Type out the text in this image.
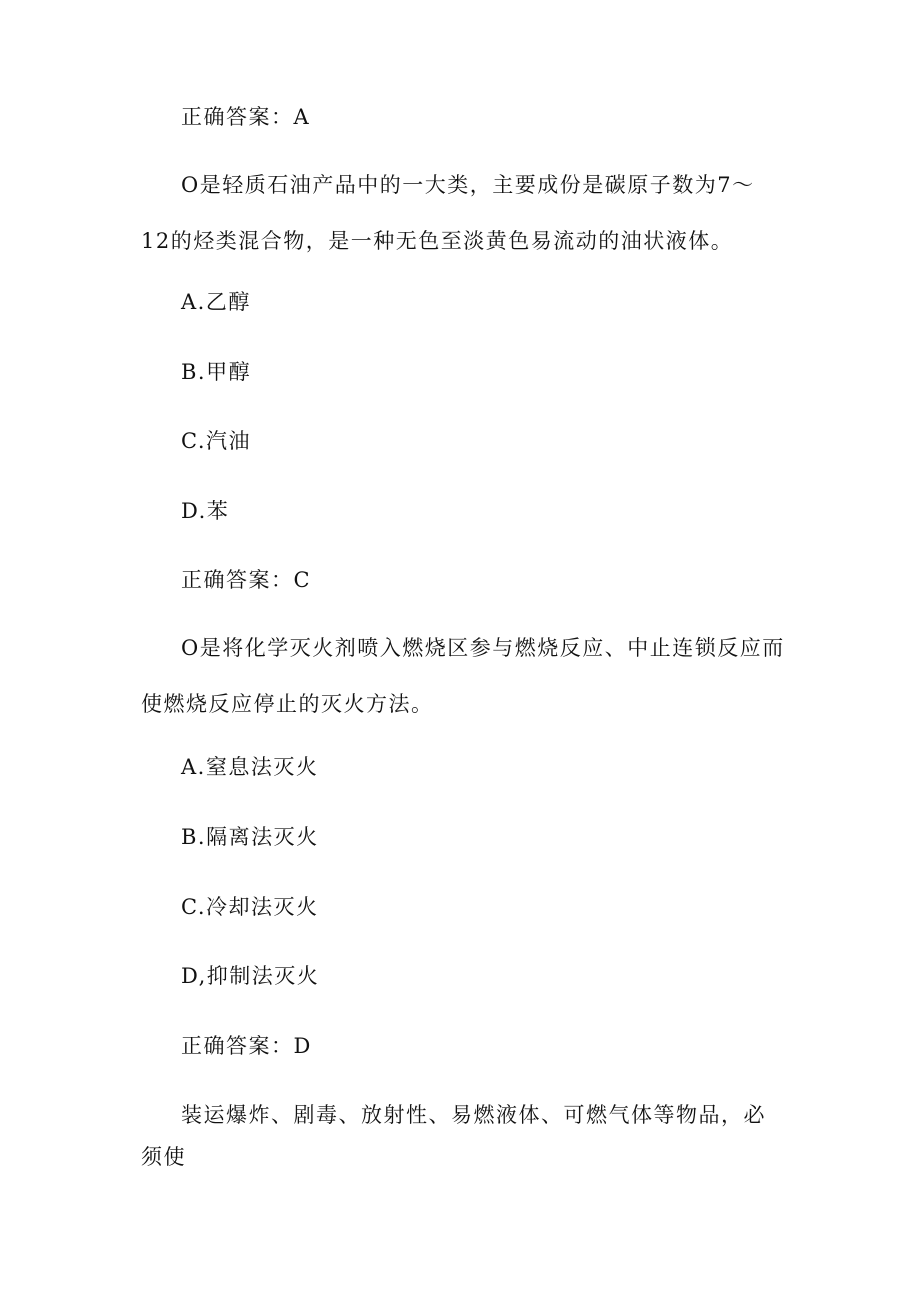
正确答案：A
O是轻质石油产品中的一大类，主要成份是碳原子数为7～12的烃类混合物，是一种无色至淡黄色易流动的油状液体。
A.乙醇
B.甲醇
C.汽油
D.苯
正确答案：C
O是将化学灭火剂喷入燃烧区参与燃烧反应、中止连锁反应而使燃烧反应停止的灭火方法。
A.窒息法灭火
B.隔离法灭火
C.冷却法灭火
D,抑制法灭火
正确答案：D
装运爆炸、剧毒、放射性、易燃液体、可燃气体等物品，必须使
